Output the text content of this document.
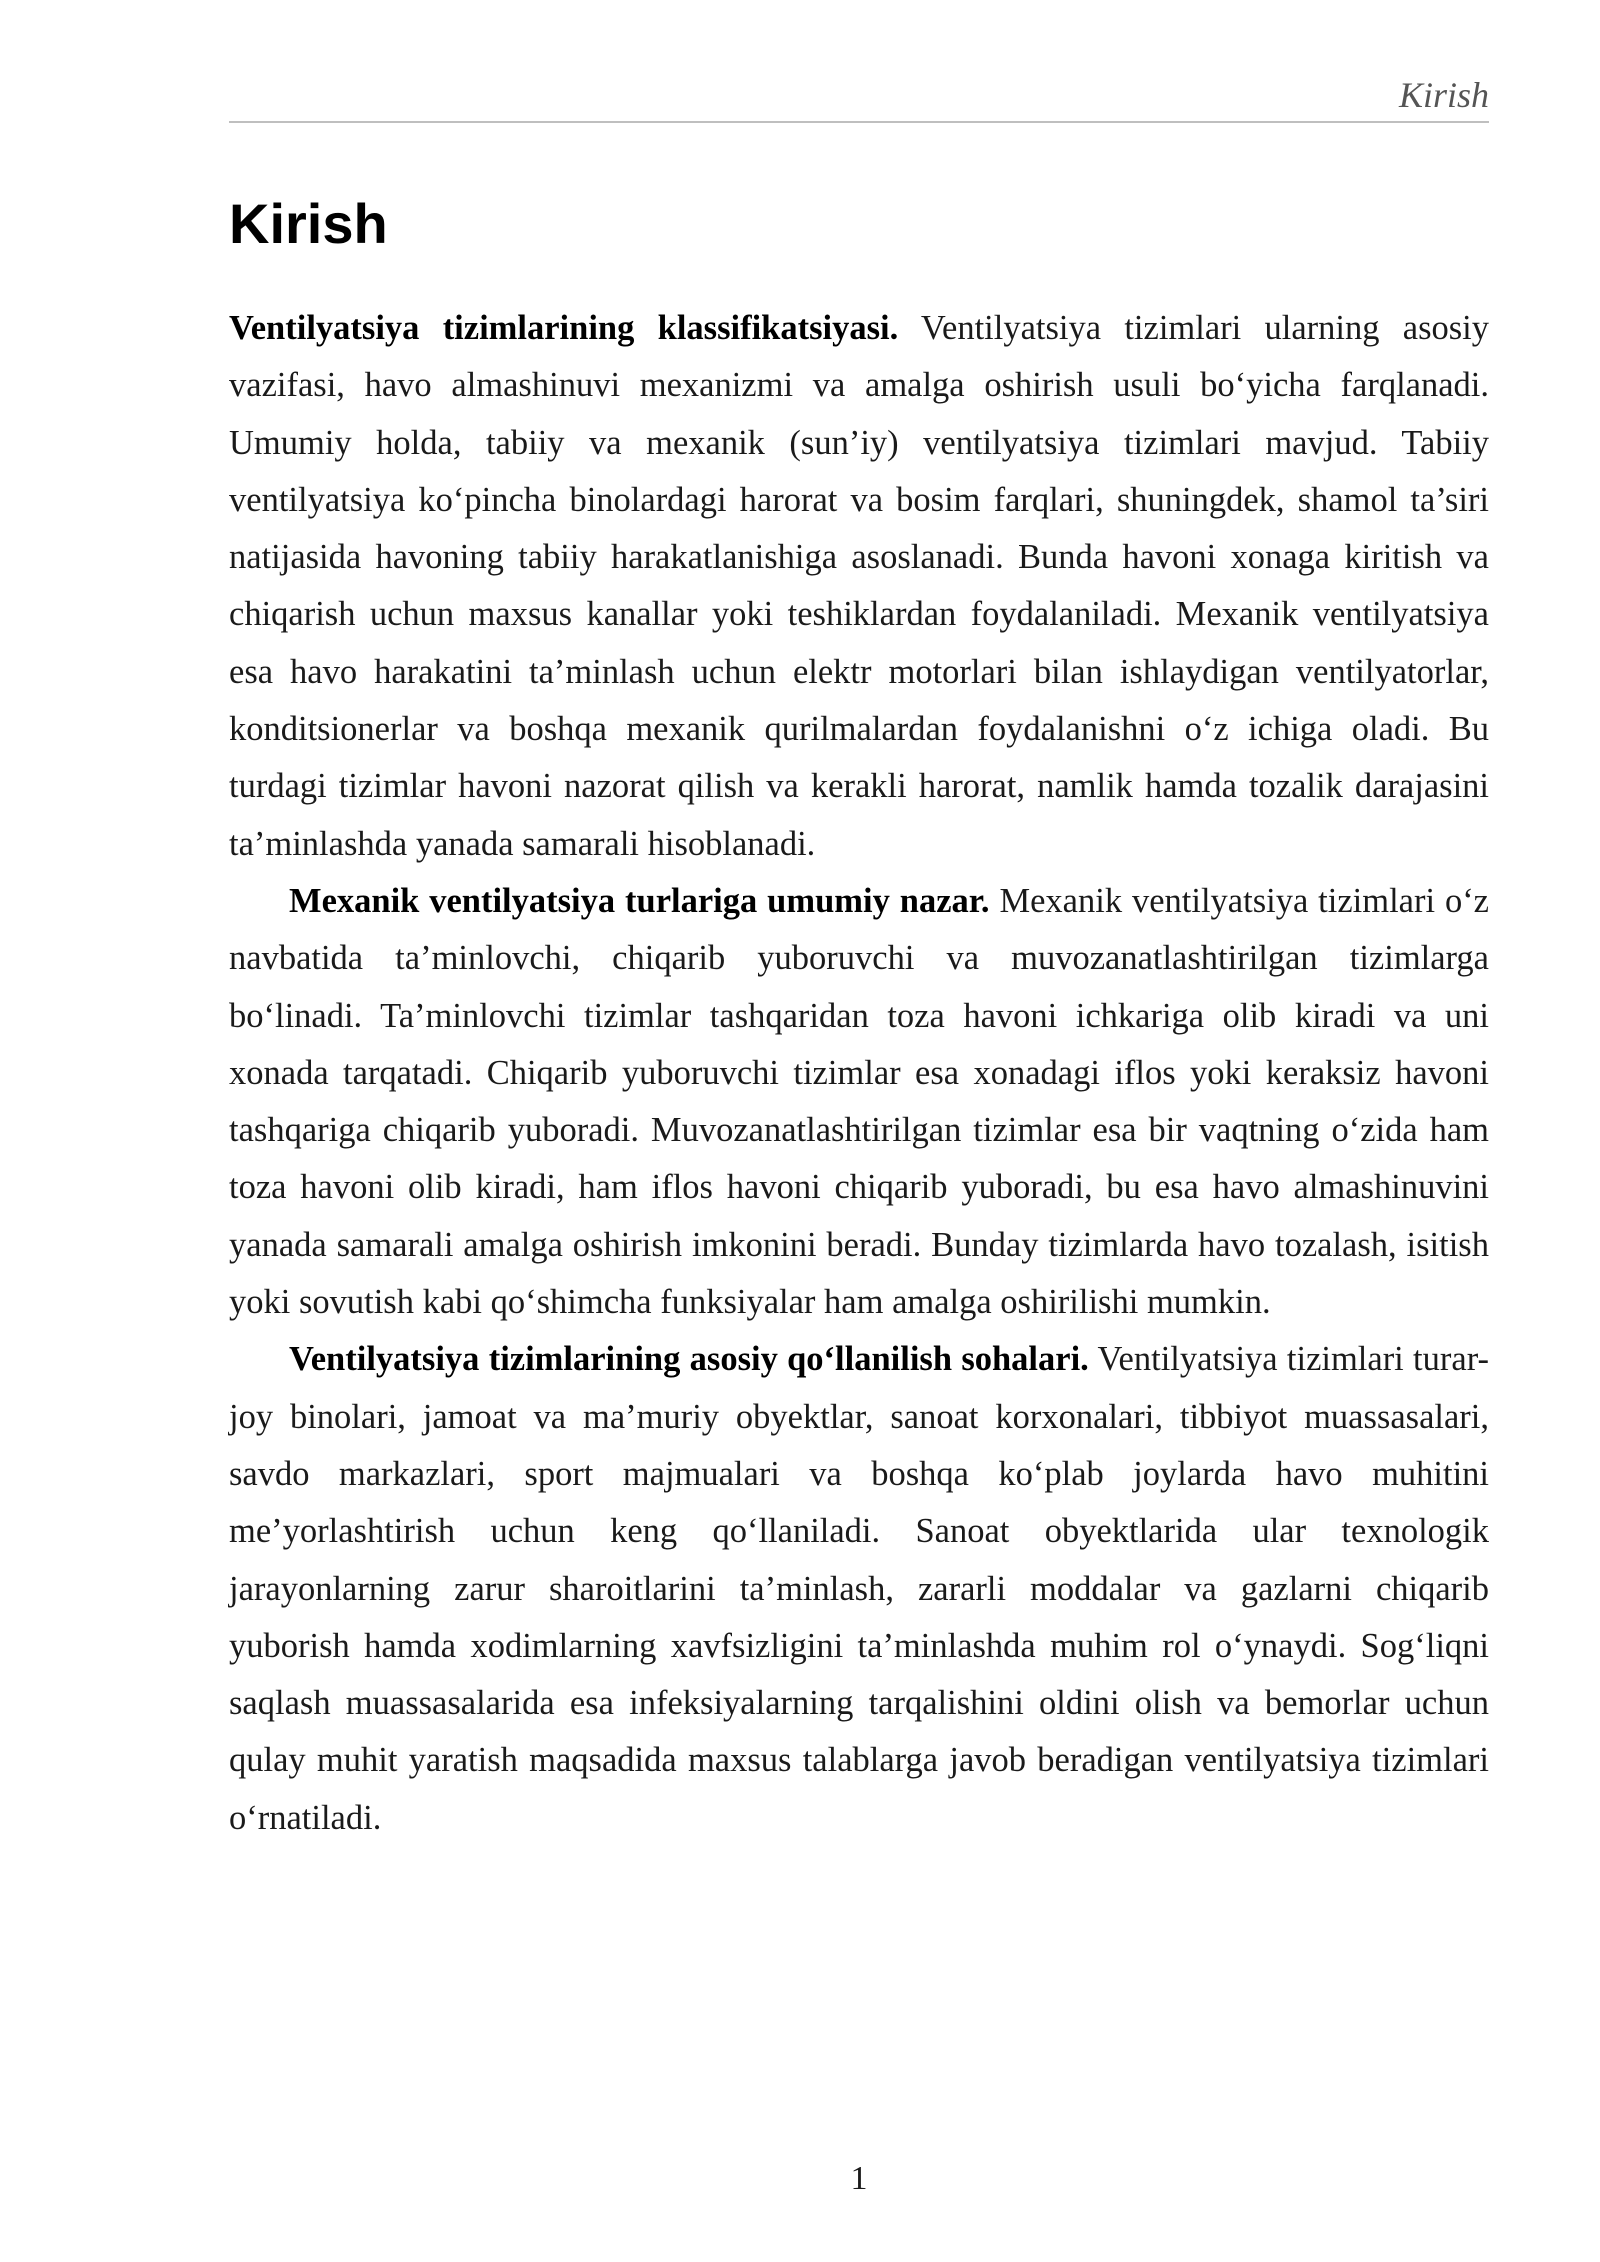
Kirish
Kirish

Ventilyatsiya tizimlarining klassifikatsiyasi. Ventilyatsiya tizimlari ularning asosiy vazifasi, havo almashinuvi mexanizmi va amalga oshirish usuli bo‘yicha farqlanadi. Umumiy holda, tabiiy va mexanik (sun’iy) ventilyatsiya tizimlari mavjud. Tabiiy ventilyatsiya ko‘pincha binolardagi harorat va bosim farqlari, shuningdek, shamol ta’siri natijasida havoning tabiiy harakatlanishiga asoslanadi. Bunda havoni xonaga kiritish va chiqarish uchun maxsus kanallar yoki teshiklardan foydalaniladi. Mexanik ventilyatsiya esa havo harakatini ta’minlash uchun elektr motorlari bilan ishlaydigan ventilyatorlar, konditsionerlar va boshqa mexanik qurilmalardan foydalanishni o‘z ichiga oladi. Bu turdagi tizimlar havoni nazorat qilish va kerakli harorat, namlik hamda tozalik darajasini ta’minlashda yanada samarali hisoblanadi.

Mexanik ventilyatsiya turlariga umumiy nazar. Mexanik ventilyatsiya tizimlari o‘z navbatida ta’minlovchi, chiqarib yuboruvchi va muvozanatlashtirilgan tizimlarga bo‘linadi. Ta’minlovchi tizimlar tashqaridan toza havoni ichkariga olib kiradi va uni xonada tarqatadi. Chiqarib yuboruvchi tizimlar esa xonadagi iflos yoki keraksiz havoni tashqariga chiqarib yuboradi. Muvozanatlashtirilgan tizimlar esa bir vaqtning o‘zida ham toza havoni olib kiradi, ham iflos havoni chiqarib yuboradi, bu esa havo almashinuvini yanada samarali amalga oshirish imkonini beradi. Bunday tizimlarda havo tozalash, isitish yoki sovutish kabi qo‘shimcha funksiyalar ham amalga oshirilishi mumkin.

Ventilyatsiya tizimlarining asosiy qo‘llanilish sohalari. Ventilyatsiya tizimlari turar-joy binolari, jamoat va ma’muriy obyektlar, sanoat korxonalari, tibbiyot muassasalari, savdo markazlari, sport majmualari va boshqa ko‘plab joylarda havo muhitini me’yorlashtirish uchun keng qo‘llaniladi. Sanoat obyektlarida ular texnologik jarayonlarning zarur sharoitlarini ta’minlash, zararli moddalar va gazlarni chiqarib yuborish hamda xodimlarning xavfsizligini ta’minlashda muhim rol o‘ynaydi. Sog‘liqni saqlash muassasalarida esa infeksiyalarning tarqalishini oldini olish va bemorlar uchun qulay muhit yaratish maqsadida maxsus talablarga javob beradigan ventilyatsiya tizimlari o‘rnatiladi.

1
